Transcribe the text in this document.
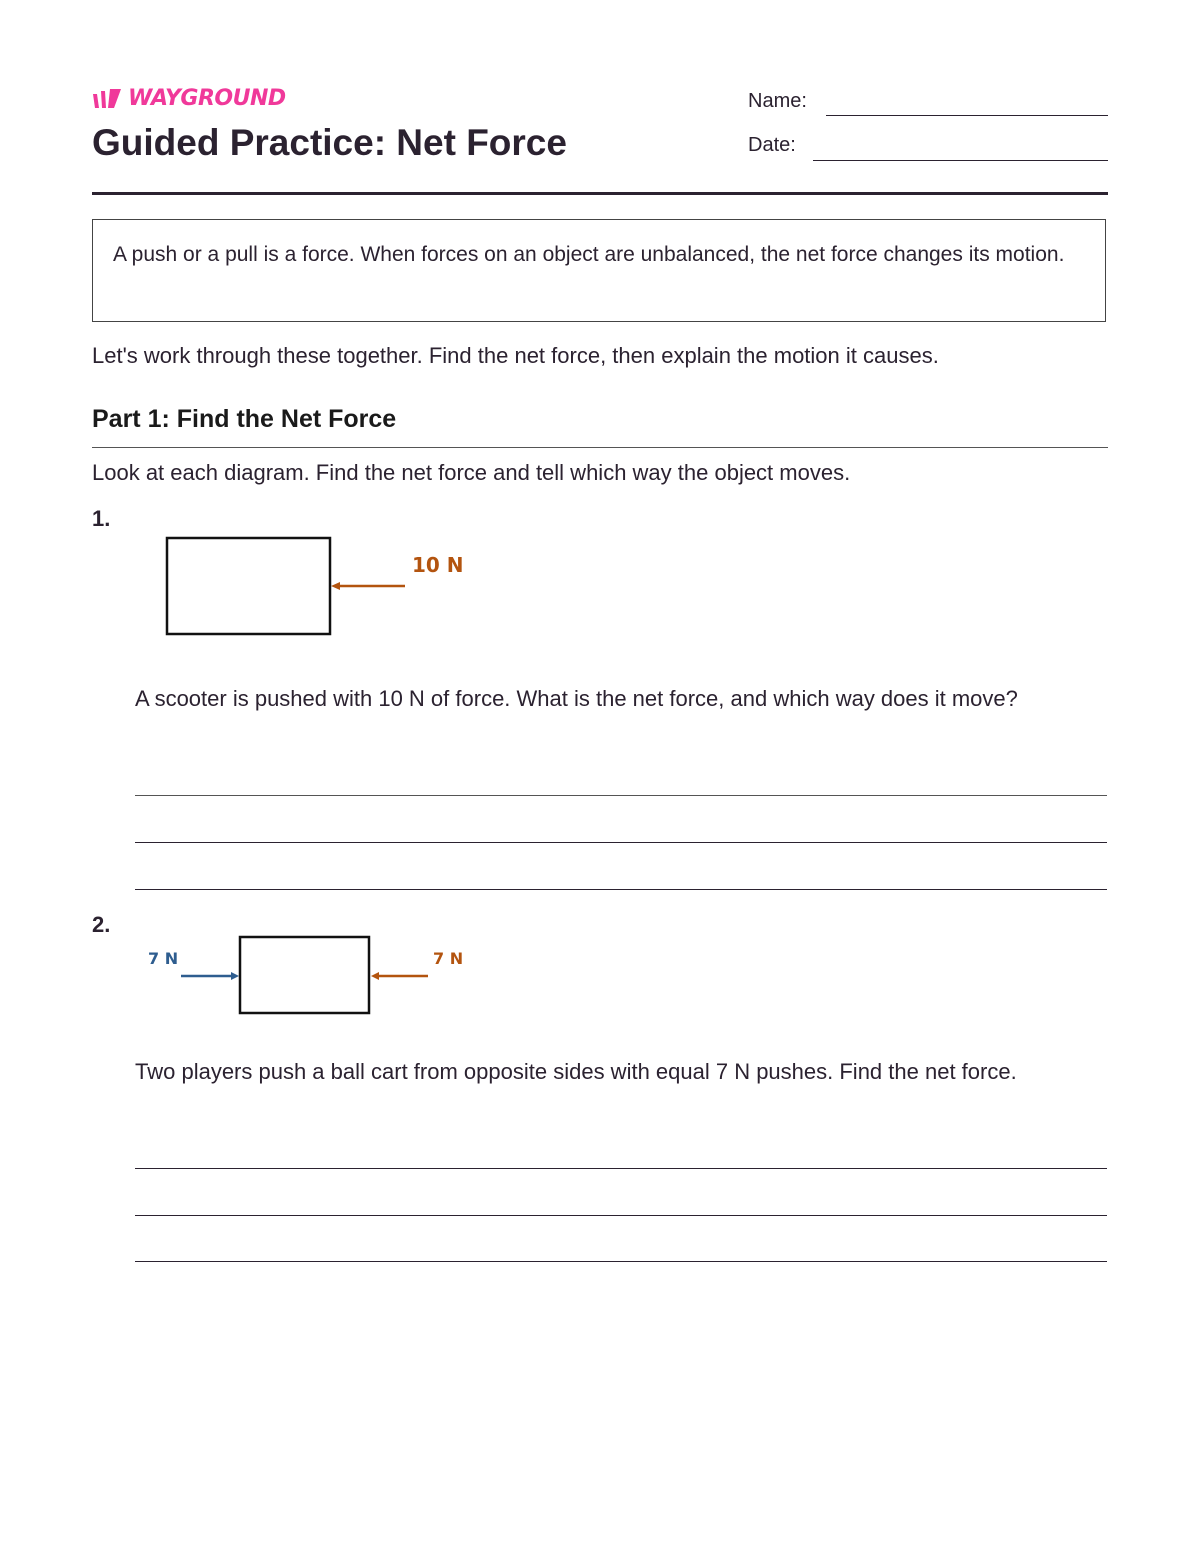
WAYGROUND
Guided Practice: Net Force
Name:
Date:
A push or a pull is a force. When forces on an object are unbalanced, the net force changes its motion.
Let's work through these together. Find the net force, then explain the motion it causes.
Part 1: Find the Net Force
Look at each diagram. Find the net force and tell which way the object moves.
1.
10 N
A scooter is pushed with 10 N of force. What is the net force, and which way does it move?
2.
7 N	7 N
Two players push a ball cart from opposite sides with equal 7 N pushes. Find the net force.
